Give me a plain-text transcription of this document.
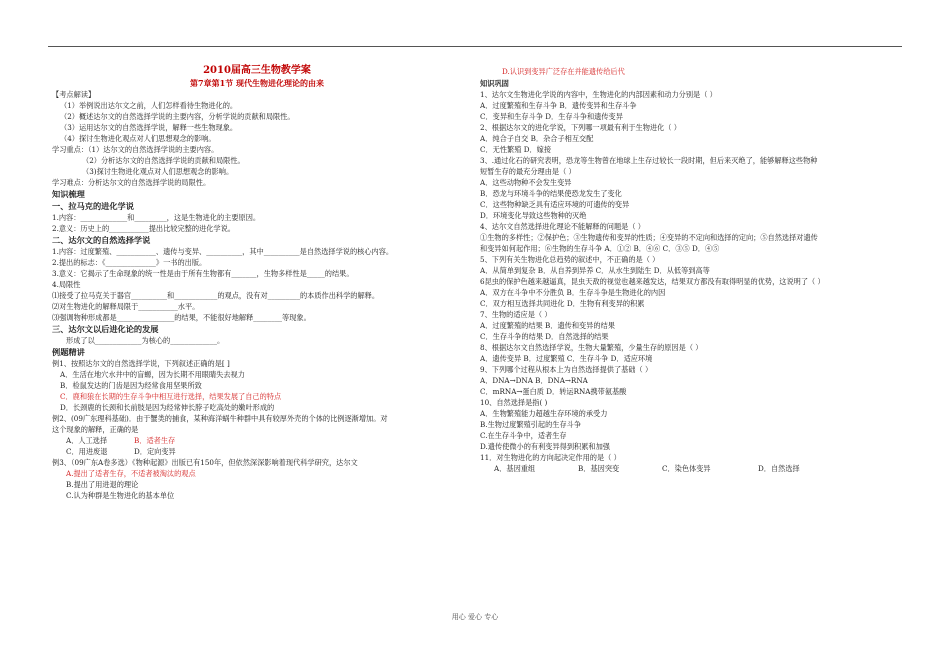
2010届高三生物教学案
第7章第1节 现代生物进化理论的由来
【考点解读】
（1）举例说出达尔文之前，人们怎样看待生物进化的。
（2）概述达尔文的自然选择学说的主要内容，分析学说的贡献和局限性。
（3）运用达尔文的自然选择学说，解释一些生物现象。
（4）探讨生物进化观点对人们思想观念的影响。
学习重点：（1）达尔文的自然选择学说的主要内容。
（2）分析达尔文的自然选择学说的贡献和局限性。
（3)探讨生物进化观点对人们思想观念的影响。
学习难点：分析达尔文的自然选择学说的局限性。
知识梳理
一、拉马克的进化学说
1.内容：_____________和_________，这是生物进化的主要原因。
2.意义：历史上的___________提出比较完整的进化学说。
二、达尔文的自然选择学说
1.内容：过度繁殖、___________、遗传与变异、__________，其中__________是自然选择学说的核心内容。
2.提出的标志：《______________》一书的出版。
3.意义：它揭示了生命现象的统一性是由于所有生物都有_______，生物多样性是_____的结果。
4.局限性
⑴接受了拉马克关于器官__________和____________的观点，没有对_________的本质作出科学的解释。
⑵对生物进化的解释局限于___________水平。
⑶强调物种形成都是________________的结果，不能很好地解释________等现象。
三、达尔文以后进化论的发展
形成了以_____________为核心的_____________。
例题精讲
例1、按照达尔文的自然选择学说，下列叙述正确的是[ ]
A．生活在地穴水井中的盲螈，因为长期不用眼睛失去视力
B．检鼠发达的门齿是因为经常食用坚果所致
C．鹿和狼在长期的生存斗争中相互进行选择，结果发展了自己的特点
D．长颈鹿的长颈和长前肢是因为经常伸长脖子吃高处的嫩叶形成的
例2、(09广东理科基础)．由于蟹类的捕食，某种海洋蜗牛种群中具有较厚外壳的个体的比例逐渐增加。对
这个现象的解释，正确的是
A．人工选择	B．适者生存
C．用进废退	D．定向变异
例3、（09广东A卷多选）《物种起源》出版已有150年，但依然深深影响着现代科学研究，达尔文
A.提出了适者生存，不适者被淘汰的观点
B.提出了用进退的理论
C.认为种群是生物进化的基本单位
D.认识到变异广泛存在并能遗传给后代
知识巩固
1、达尔文生物进化学说的内容中，生物进化的内部因素和动力分别是（ ）
A．过度繁殖和生存斗争 B．遗传变异和生存斗争
C．变异和生存斗争 D．生存斗争和遗传变异
2、根据达尔文的进化学说，下列哪一项最有利于生物进化（ ）
A．纯合子自交 B．杂合子相互交配
C．无性繁殖 D．嫁接
3、.通过化石的研究表明，恐龙等生物曾在地球上生存过较长一段时期，但后来灭绝了，能够解释这些物种
短暂生存的最充分理由是（ ）
A．这些动物种不会发生变异
B．恐龙与环境斗争的结果使恐龙发生了变化
C．这些物种缺乏具有适应环境的可遗传的变异
D．环境变化导致这些物种的灭绝
4、达尔文自然选择进化理论不能解释的问题是（ ）
①生物的多样性；②保护色；③生物遗传和变异的性质；④变异的不定向和选择的定向；⑤自然选择对遗传
和变异如何起作用；⑥生物的生存斗争 A．①② B．④⑥ C．③⑤ D．④⑤
5、下列有关生物进化总趋势的叙述中，不正确的是（ ）
A．从简单到复杂 B．从自养到异养 C．从水生到陆生 D．从低等到高等
6昆虫的保护色越来越逼真，昆虫天敌的视觉也越来越发达，结果双方都没有取得明显的优势，这说明了（ ）
A．双方在斗争中不分胜负 B．生存斗争是生物进化的内因
C．双方相互选择共同进化 D．生物有利变异的积累
7、生物的适应是（ ）
A．过度繁殖的结果 B．遗传和变异的结果
C．生存斗争的结果 D．自然选择的结果
8、根据达尔文自然选择学说，生物大量繁殖，少量生存的原因是（ ）
A．遗传变异 B．过度繁殖 C．生存斗争 D．适应环境
9、下列哪个过程从根本上为自然选择提供了基础（ ）
A．DNA→DNA B．DNA→RNA
C．mRNA→蛋白质 D．转运RNA携带氨基酸
10、自然选择是指( )
A．生物繁殖能力超越生存环境的承受力
B.生物过度繁殖引起的生存斗争
C.在生存斗争中，适者生存
D.遗传使微小的有利变异得到积累和加强
11．对生物进化的方向起决定作用的是（ ）
A．基因重组	B．基因突变	C．染色体变异	D．自然选择
用心 爱心 专心
